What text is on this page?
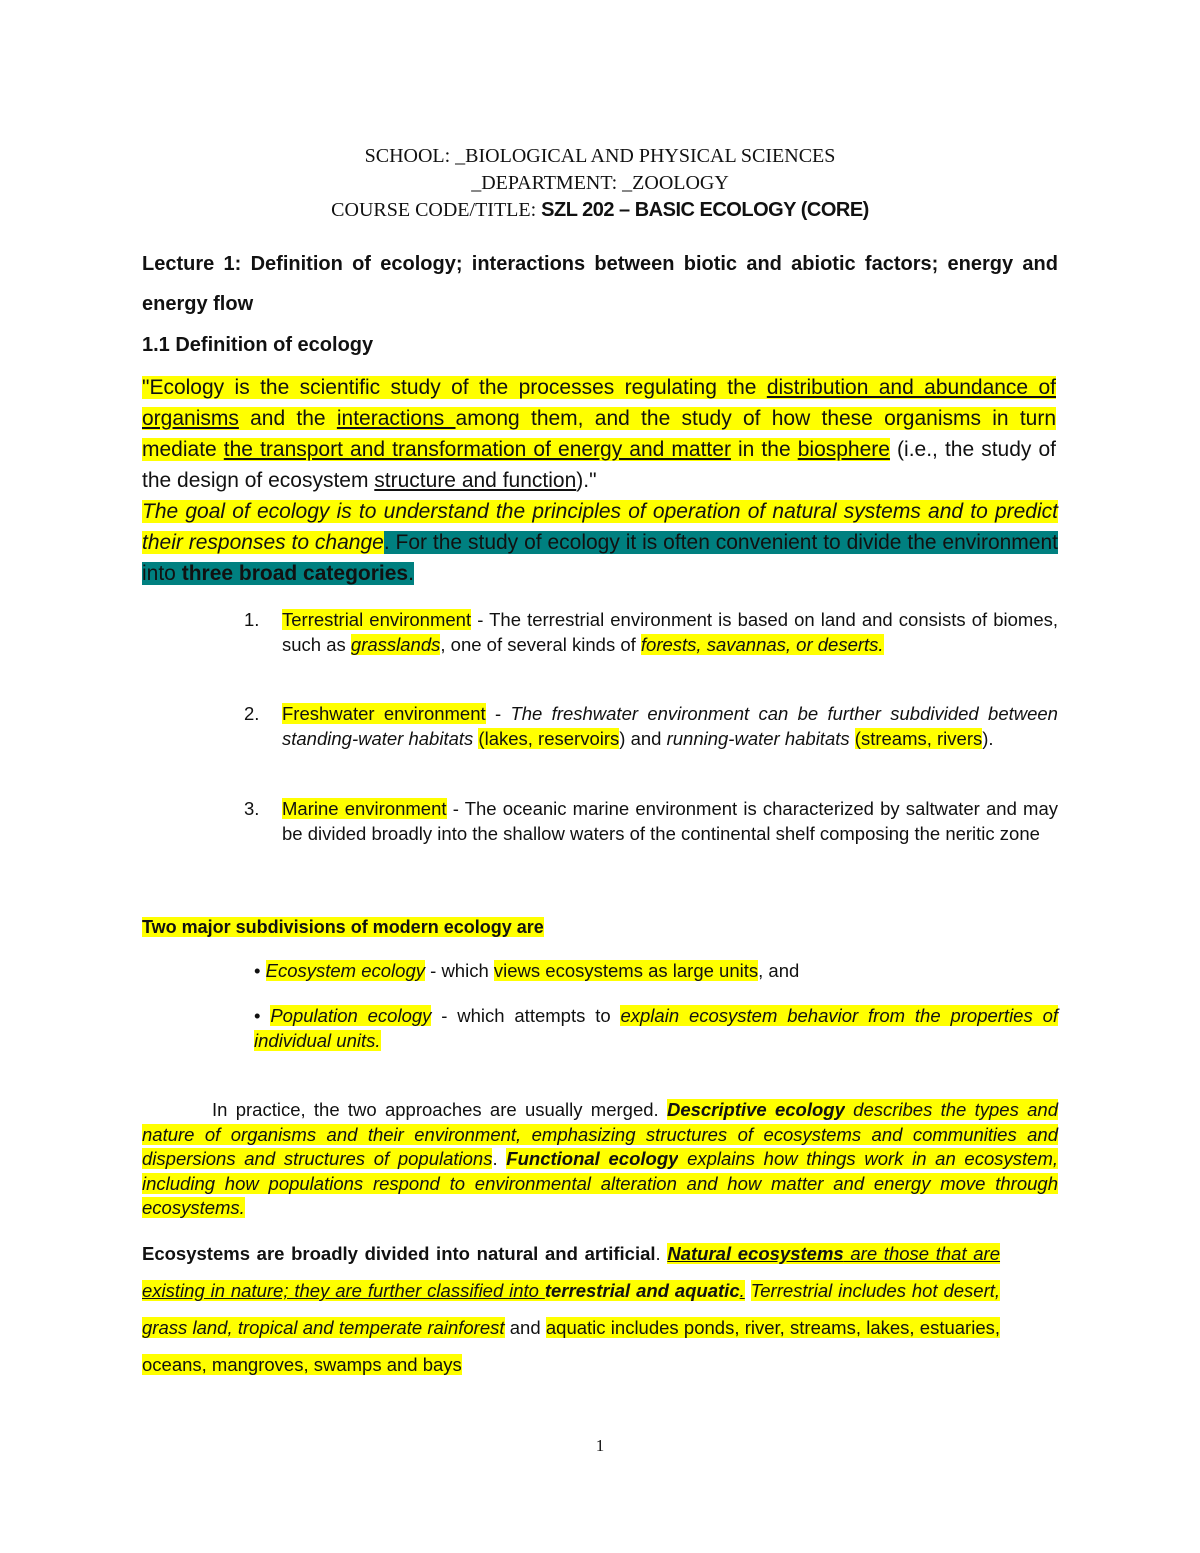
SCHOOL: _BIOLOGICAL AND PHYSICAL SCIENCES
_DEPARTMENT: _ZOOLOGY
COURSE CODE/TITLE: SZL 202 – BASIC ECOLOGY (CORE)
Lecture 1: Definition of ecology; interactions between biotic and abiotic factors; energy and energy flow
1.1 Definition of ecology
"Ecology is the scientific study of the processes regulating the distribution and abundance of organisms and the interactions among them, and the study of how these organisms in turn mediate the transport and transformation of energy and matter in the biosphere (i.e., the study of the design of ecosystem structure and function)."
The goal of ecology is to understand the principles of operation of natural systems and to predict their responses to change. For the study of ecology it is often convenient to divide the environment into three broad categories.
1. Terrestrial environment - The terrestrial environment is based on land and consists of biomes, such as grasslands, one of several kinds of forests, savannas, or deserts.
2. Freshwater environment - The freshwater environment can be further subdivided between standing-water habitats (lakes, reservoirs) and running-water habitats (streams, rivers).
3. Marine environment - The oceanic marine environment is characterized by saltwater and may be divided broadly into the shallow waters of the continental shelf composing the neritic zone
Two major subdivisions of modern ecology are
• Ecosystem ecology - which views ecosystems as large units, and
• Population ecology - which attempts to explain ecosystem behavior from the properties of individual units.
In practice, the two approaches are usually merged. Descriptive ecology describes the types and nature of organisms and their environment, emphasizing structures of ecosystems and communities and dispersions and structures of populations. Functional ecology explains how things work in an ecosystem, including how populations respond to environmental alteration and how matter and energy move through ecosystems.
Ecosystems are broadly divided into natural and artificial. Natural ecosystems are those that are existing in nature; they are further classified into terrestrial and aquatic. Terrestrial includes hot desert, grass land, tropical and temperate rainforest and aquatic includes ponds, river, streams, lakes, estuaries, oceans, mangroves, swamps and bays
1
